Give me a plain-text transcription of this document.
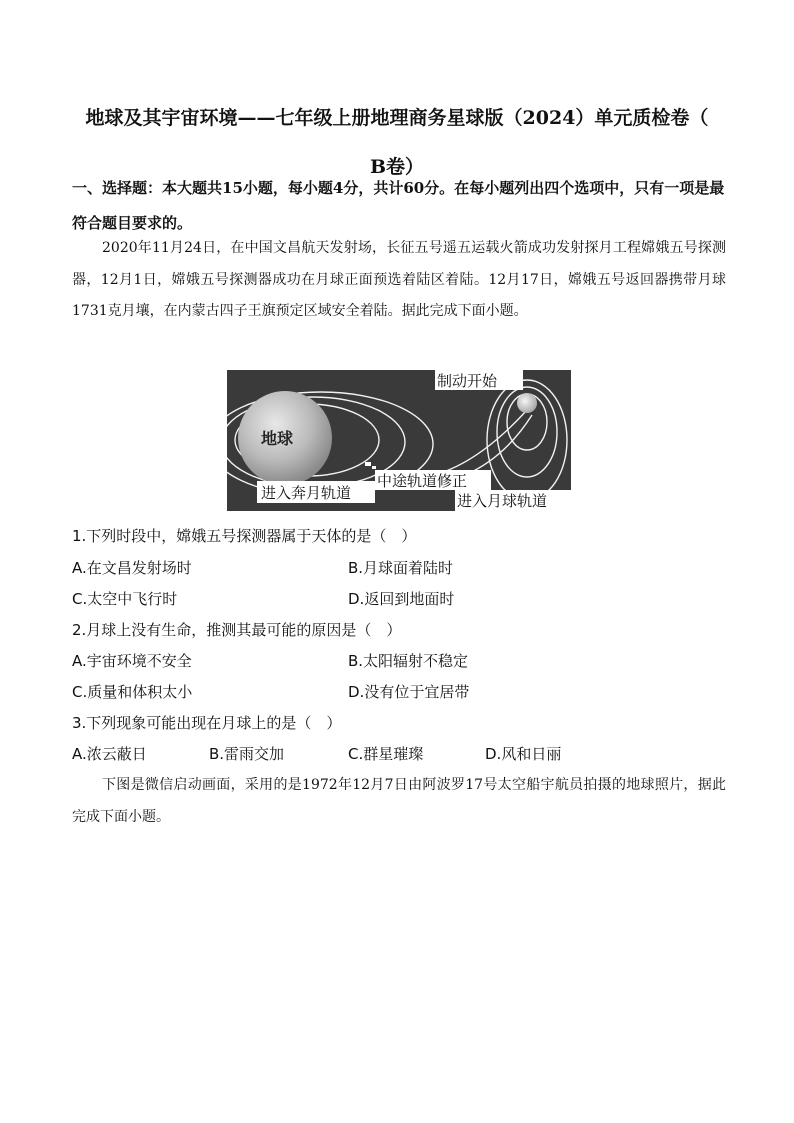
地球及其宇宙环境——七年级上册地理商务星球版（2024）单元质检卷（
B卷）
一、选择题：本大题共15小题，每小题4分，共计60分。在每小题列出四个选项中，只有一项是最符合题目要求的。
2020年11月24日，在中国文昌航天发射场，长征五号遥五运载火箭成功发射探月工程嫦娥五号探测器，12月1日，嫦娥五号探测器成功在月球正面预选着陆区着陆。12月17日，嫦娥五号返回器携带月球1731克月壤，在内蒙古四子王旗预定区域安全着陆。据此完成下面小题。
地球
制动开始
进入奔月轨道
中途轨道修正
进入月球轨道
1.下列时段中，嫦娥五号探测器属于天体的是（　）
A.在文昌发射场时	B.月球面着陆时
C.太空中飞行时	D.返回到地面时
2.月球上没有生命，推测其最可能的原因是（　）
A.宇宙环境不安全	B.太阳辐射不稳定
C.质量和体积太小	D.没有位于宜居带
3.下列现象可能出现在月球上的是（　）
A.浓云蔽日	B.雷雨交加	C.群星璀璨	D.风和日丽
下图是微信启动画面，采用的是1972年12月7日由阿波罗17号太空船宇航员拍摄的地球照片，据此完成下面小题。
